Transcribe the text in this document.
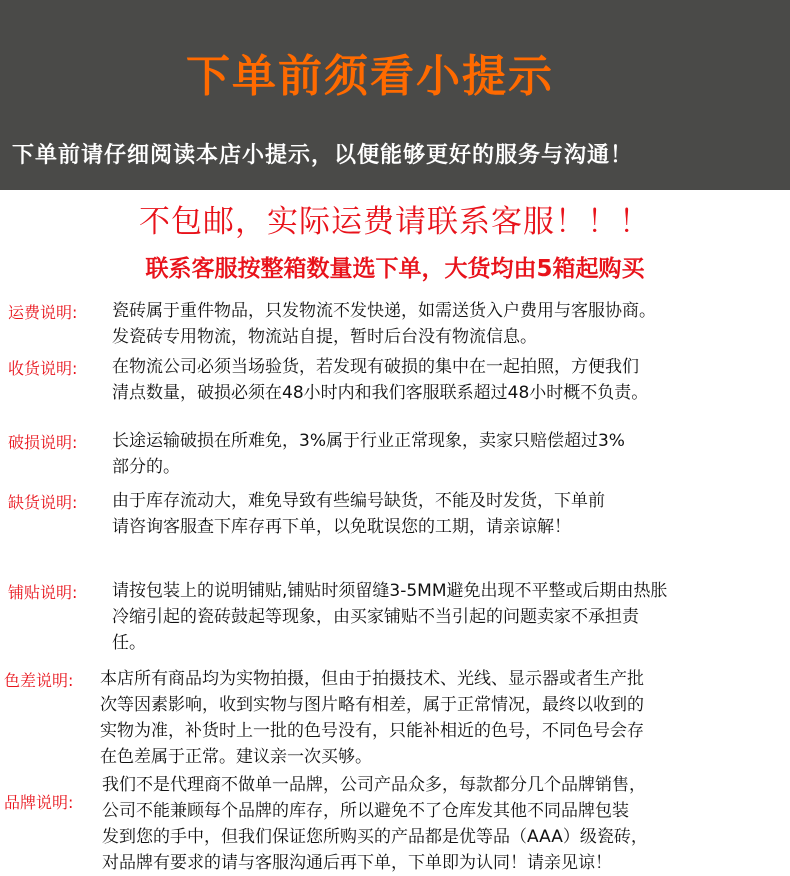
下单前须看小提示
下单前请仔细阅读本店小提示，以便能够更好的服务与沟通！
不包邮，实际运费请联系客服！！！
联系客服按整箱数量选下单，大货均由5箱起购买
运费说明: 瓷砖属于重件物品，只发物流不发快递，如需送货入户费用与客服协商。
发瓷砖专用物流，物流站自提，暂时后台没有物流信息。
收货说明: 在物流公司必须当场验货，若发现有破损的集中在一起拍照，方便我们
清点数量，破损必须在48小时内和我们客服联系超过48小时概不负责。
破损说明: 长途运输破损在所难免，3%属于行业正常现象，卖家只赔偿超过3%
部分的。
缺货说明: 由于库存流动大，难免导致有些编号缺货，不能及时发货，下单前
请咨询客服查下库存再下单，以免耽误您的工期，请亲谅解！
铺贴说明: 请按包装上的说明铺贴,铺贴时须留缝3-5MM避免出现不平整或后期由热胀
冷缩引起的瓷砖鼓起等现象，由买家铺贴不当引起的问题卖家不承担责
任。
色差说明: 本店所有商品均为实物拍摄，但由于拍摄技术、光线、显示器或者生产批
次等因素影响，收到实物与图片略有相差，属于正常情况，最终以收到的
实物为准，补货时上一批的色号没有，只能补相近的色号，不同色号会存
在色差属于正常。建议亲一次买够。
品牌说明:
我们不是代理商不做单一品牌，公司产品众多，每款都分几个品牌销售，
公司不能兼顾每个品牌的库存，所以避免不了仓库发其他不同品牌包装
发到您的手中，但我们保证您所购买的产品都是优等品（AAA）级瓷砖，
对品牌有要求的请与客服沟通后再下单，下单即为认同！请亲见谅！
